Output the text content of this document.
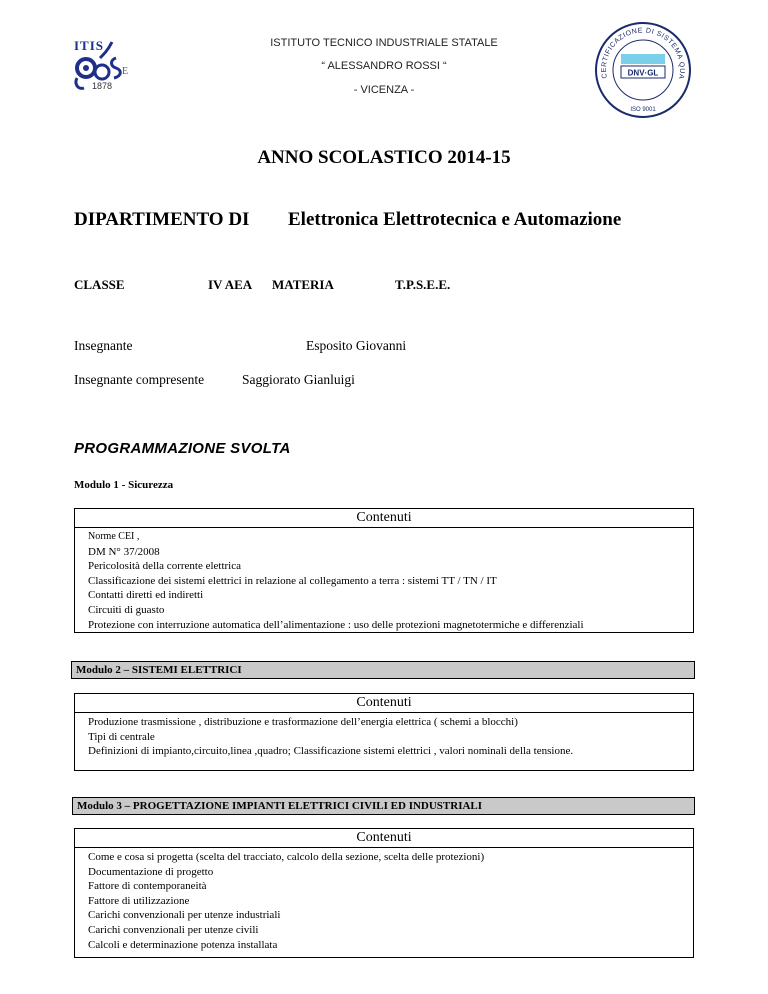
ITIS
E
1878
ISTITUTO TECNICO INDUSTRIALE STATALE
“ ALESSANDRO ROSSI “
- VICENZA -
CERTIFICAZIONE DI SISTEMA QUA
DNV·GL
ISO 9001
ANNO SCOLASTICO 2014-15
DIPARTIMENTO DI Elettronica Elettrotecnica e Automazione
CLASSE	IV AEA MATERIA	T.P.S.E.E.
Insegnante	Esposito Giovanni
Insegnante compresente	Saggiorato Gianluigi
PROGRAMMAZIONE SVOLTA
Modulo 1 - Sicurezza
Contenuti
Norme CEI ,
DM N° 37/2008
Pericolosità della corrente elettrica
Classificazione dei sistemi elettrici in relazione al collegamento a terra : sistemi TT / TN / IT
Contatti diretti ed indiretti
Circuiti di guasto
Protezione con interruzione automatica dell’alimentazione : uso delle protezioni magnetotermiche e differenziali
Modulo 2 – SISTEMI ELETTRICI
Contenuti
Produzione trasmissione , distribuzione e trasformazione dell’energia elettrica ( schemi a blocchi)
Tipi di centrale
Definizioni di impianto,circuito,linea ,quadro; Classificazione sistemi elettrici , valori nominali della tensione.
Modulo 3 – PROGETTAZIONE IMPIANTI ELETTRICI CIVILI ED INDUSTRIALI
Contenuti
Come e cosa si progetta (scelta del tracciato, calcolo della sezione, scelta delle protezioni)
Documentazione di progetto
Fattore di contemporaneità
Fattore di utilizzazione
Carichi convenzionali per utenze industriali
Carichi convenzionali per utenze civili
Calcoli e determinazione potenza installata
